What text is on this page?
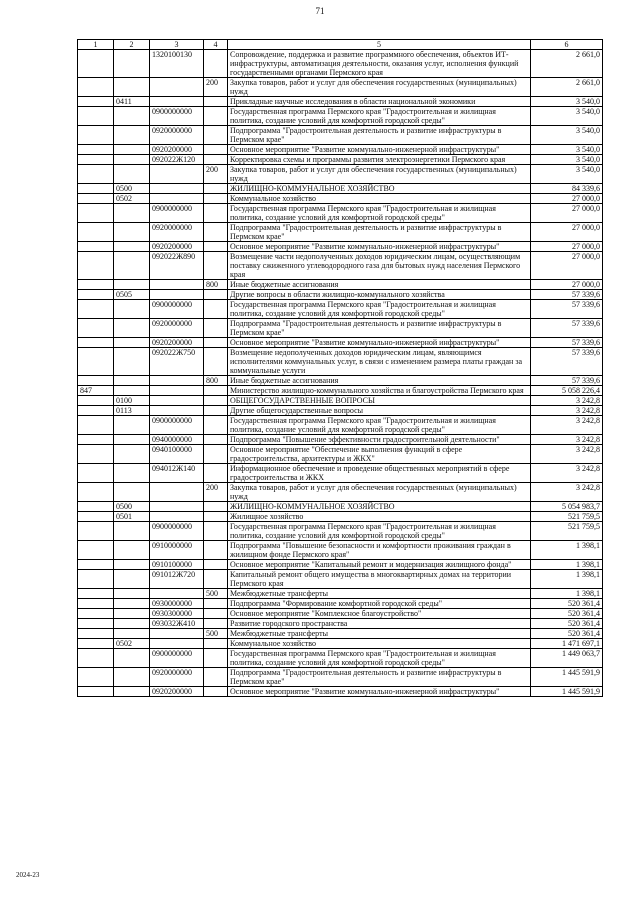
71
1	2	3	4	5	6
		1320100130		Сопровождение, поддержка и развитие программного обеспечения, объектов ИТ-инфраструктуры, автоматизация деятельности, оказания услуг, исполнения функций государственными органами Пермского края	2 661,0
			200	Закупка товаров, работ и услуг для обеспечения государственных (муниципальных) нужд	2 661,0
	0411			Прикладные научные исследования в области национальной экономики	3 540,0
		0900000000		Государственная программа Пермского края "Градостроительная и жилищная политика, создание условий для комфортной городской среды"	3 540,0
		0920000000		Подпрограмма "Градостроительная деятельность и развитие инфраструктуры в Пермском крае"	3 540,0
		0920200000		Основное мероприятие "Развитие коммунально-инженерной инфраструктуры"	3 540,0
		092022Ж120		Корректировка схемы и программы развития электроэнергетики Пермского края	3 540,0
			200	Закупка товаров, работ и услуг для обеспечения государственных (муниципальных) нужд	3 540,0
	0500			ЖИЛИЩНО-КОММУНАЛЬНОЕ ХОЗЯЙСТВО	84 339,6
	0502			Коммунальное хозяйство	27 000,0
		0900000000		Государственная программа Пермского края "Градостроительная и жилищная политика, создание условий для комфортной городской среды"	27 000,0
		0920000000		Подпрограмма "Градостроительная деятельность и развитие инфраструктуры в Пермском крае"	27 000,0
		0920200000		Основное мероприятие "Развитие коммунально-инженерной инфраструктуры"	27 000,0
		092022Ж890		Возмещение части недополученных доходов юридическим лицам, осуществляющим поставку сжиженного углеводородного газа для бытовых нужд населения Пермского края	27 000,0
			800	Иные бюджетные ассигнования	27 000,0
	0505			Другие вопросы в области жилищно-коммунального хозяйства	57 339,6
		0900000000		Государственная программа Пермского края "Градостроительная и жилищная политика, создание условий для комфортной городской среды"	57 339,6
		0920000000		Подпрограмма "Градостроительная деятельность и развитие инфраструктуры в Пермском крае"	57 339,6
		0920200000		Основное мероприятие "Развитие коммунально-инженерной инфраструктуры"	57 339,6
		092022Ж750		Возмещение недополученных доходов юридическим лицам, являющимся исполнителями коммунальных услуг, в связи с изменением размера платы граждан за коммунальные услуги	57 339,6
			800	Иные бюджетные ассигнования	57 339,6
847				Министерство жилищно-коммунального хозяйства и благоустройства Пермского края	5 058 226,4
	0100			ОБЩЕГОСУДАРСТВЕННЫЕ ВОПРОСЫ	3 242,8
	0113			Другие общегосударственные вопросы	3 242,8
		0900000000		Государственная программа Пермского края "Градостроительная и жилищная политика, создание условий для комфортной городской среды"	3 242,8
		0940000000		Подпрограмма "Повышение эффективности градостроительной деятельности"	3 242,8
		0940100000		Основное мероприятие "Обеспечение выполнения функций в сфере градостроительства, архитектуры и ЖКХ"	3 242,8
		094012Ж140		Информационное обеспечение и проведение общественных мероприятий в сфере градостроительства и ЖКХ	3 242,8
			200	Закупка товаров, работ и услуг для обеспечения государственных (муниципальных) нужд	3 242,8
	0500			ЖИЛИЩНО-КОММУНАЛЬНОЕ ХОЗЯЙСТВО	5 054 983,7
	0501			Жилищное хозяйство	521 759,5
		0900000000		Государственная программа Пермского края "Градостроительная и жилищная политика, создание условий для комфортной городской среды"	521 759,5
		0910000000		Подпрограмма "Повышение безопасности и комфортности проживания граждан в жилищном фонде Пермского края"	1 398,1
		0910100000		Основное мероприятие "Капитальный ремонт и модернизация жилищного фонда"	1 398,1
		091012Ж720		Капитальный ремонт общего имущества в многоквартирных домах на территории Пермского края	1 398,1
			500	Межбюджетные трансферты	1 398,1
		0930000000		Подпрограмма "Формирование комфортной городской среды"	520 361,4
		0930300000		Основное мероприятие "Комплексное благоустройство"	520 361,4
		093032Ж410		Развитие городского пространства	520 361,4
			500	Межбюджетные трансферты	520 361,4
	0502			Коммунальное хозяйство	1 471 697,1
		0900000000		Государственная программа Пермского края "Градостроительная и жилищная политика, создание условий для комфортной городской среды"	1 449 063,7
		0920000000		Подпрограмма "Градостроительная деятельность и развитие инфраструктуры в Пермском крае"	1 445 591,9
		0920200000		Основное мероприятие "Развитие коммунально-инженерной инфраструктуры"	1 445 591,9
2024-23
